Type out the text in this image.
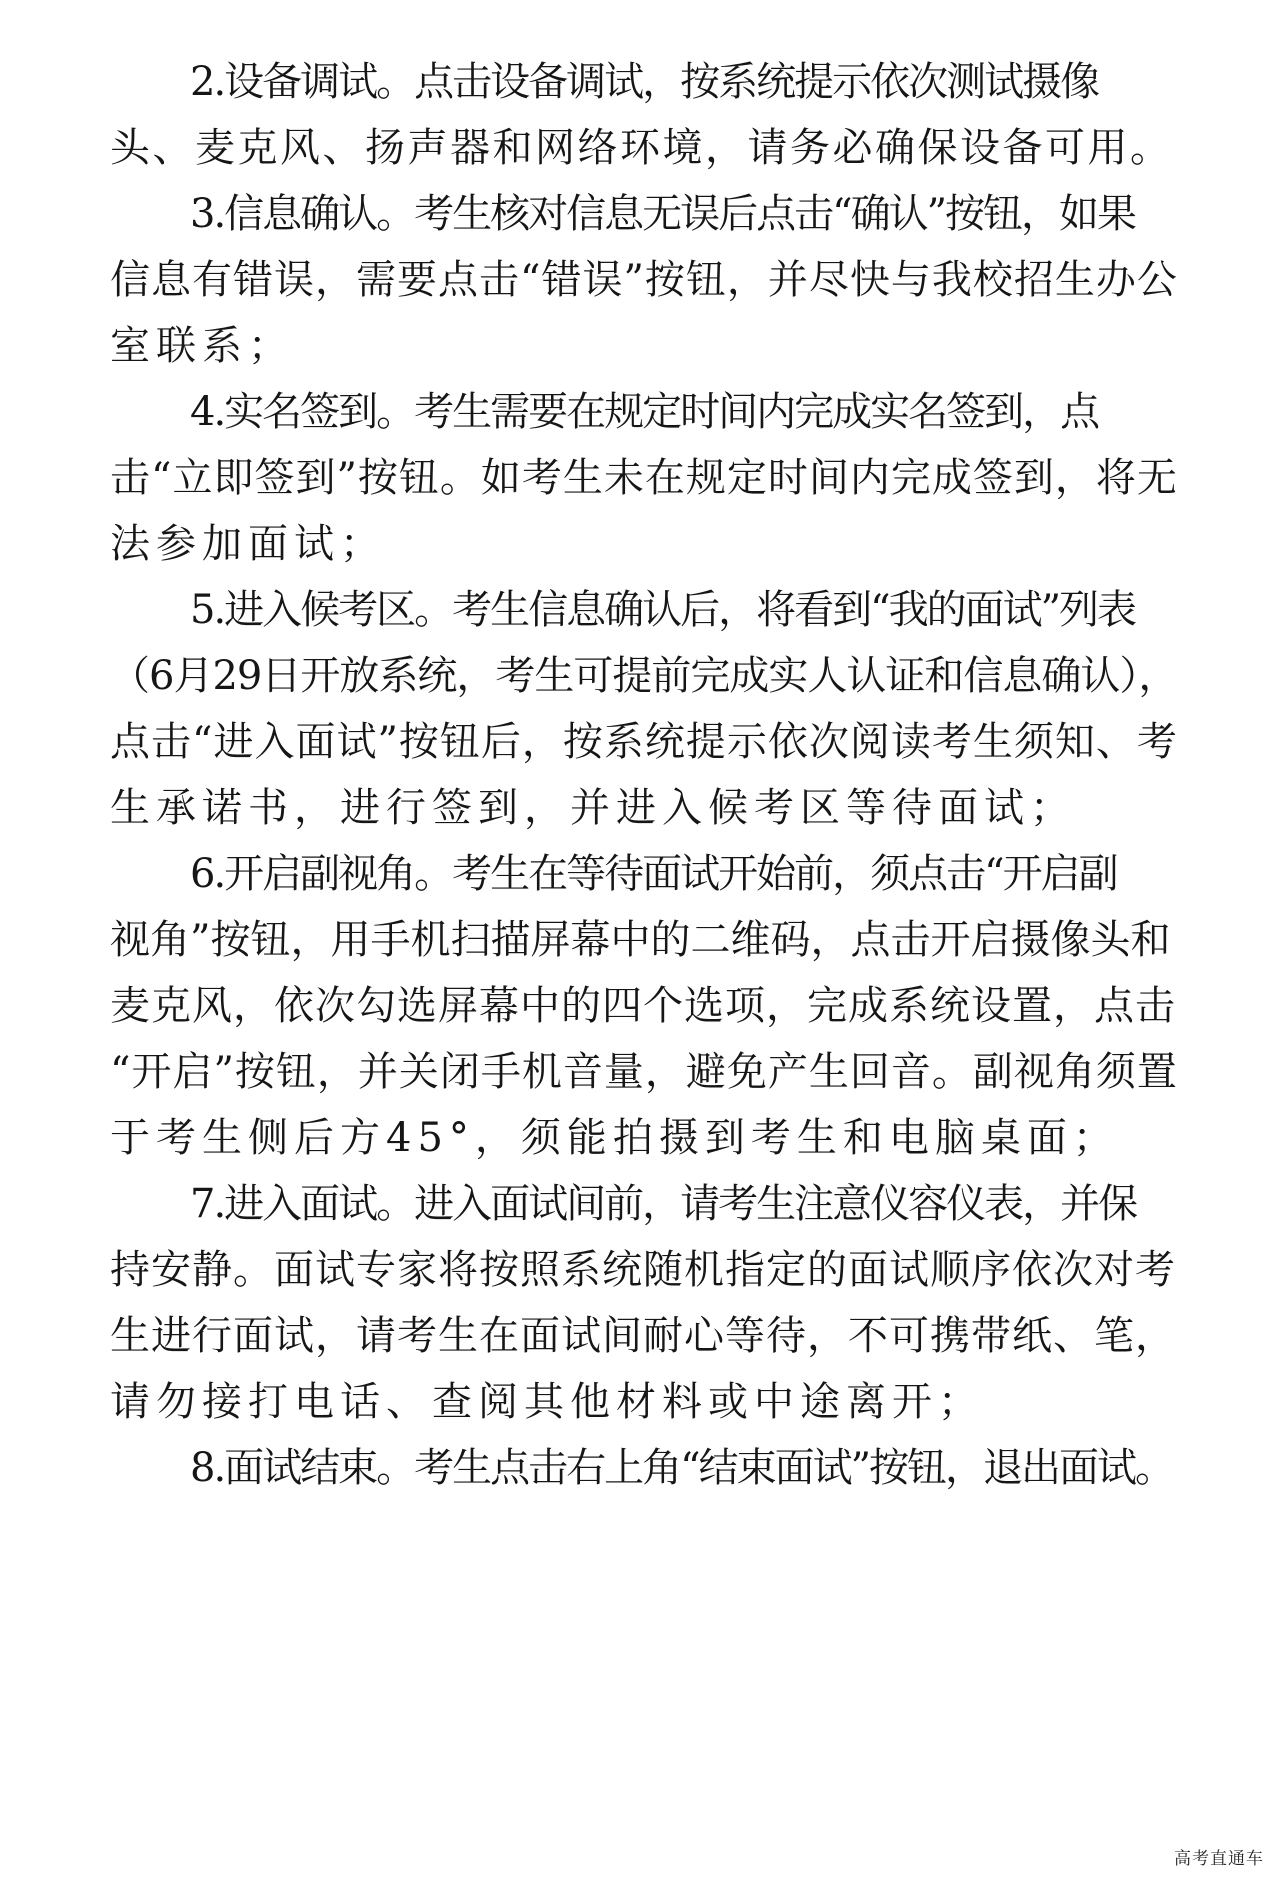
2.设备调试。点击设备调试，按系统提示依次测试摄像
头、麦克风、扬声器和网络环境，请务必确保设备可用。
3.信息确认。考生核对信息无误后点击“确认”按钮，如果
信息有错误，需要点击“错误”按钮，并尽快与我校招生办公
室联系；
4.实名签到。考生需要在规定时间内完成实名签到，点
击“立即签到”按钮。如考生未在规定时间内完成签到，将无
法参加面试；
5.进入候考区。考生信息确认后，将看到“我的面试”列表
（6月29日开放系统，考生可提前完成实人认证和信息确认），
点击“进入面试”按钮后，按系统提示依次阅读考生须知、考
生承诺书，进行签到，并进入候考区等待面试；
6.开启副视角。考生在等待面试开始前，须点击“开启副
视角”按钮，用手机扫描屏幕中的二维码，点击开启摄像头和
麦克风，依次勾选屏幕中的四个选项，完成系统设置，点击
“开启”按钮，并关闭手机音量，避免产生回音。副视角须置
于考生侧后方45°，须能拍摄到考生和电脑桌面；
7.进入面试。进入面试间前，请考生注意仪容仪表，并保
持安静。面试专家将按照系统随机指定的面试顺序依次对考
生进行面试，请考生在面试间耐心等待，不可携带纸、笔，
请勿接打电话、查阅其他材料或中途离开；
8.面试结束。考生点击右上角“结束面试”按钮，退出面试。
高考直通车
